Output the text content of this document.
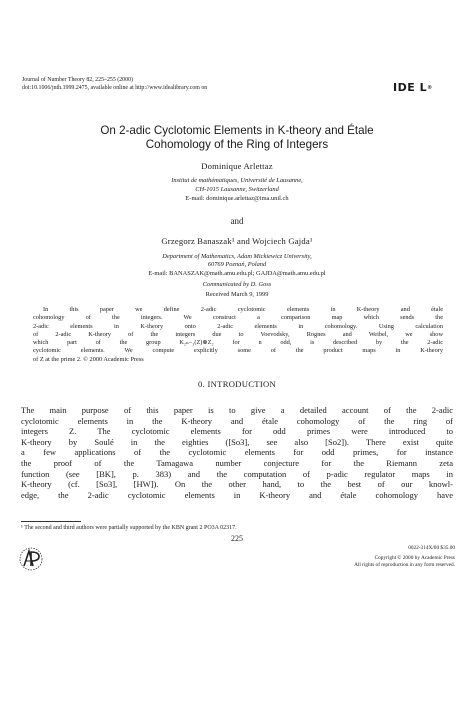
Journal of Number Theory 82, 225–255 (2000)
doi:10.1006/jnth.1999.2475, available online at http://www.idealibrary.com on	IDE L®
On 2-adic Cyclotomic Elements in K-theory and Étale
Cohomology of the Ring of Integers
Dominique Arlettaz
Institut de mathématiques, Université de Lausanne,
CH-1015 Lausanne, Switzerland
E-mail: dominique.arlettaz@ima.unil.ch
and
Grzegorz Banaszak¹ and Wojciech Gajda¹
Department of Mathematics, Adam Mickiewicz University,
60769 Poznań, Poland
E-mail: BANASZAK@math.amu.edu.pl; GAJDA@math.amu.edu.pl
Communicated by D. Goss
Received March 9, 1999
In this paper we define 2-adic cyclotomic elements in K-theory and étale
cohomology of the integers. We construct a comparison map which sends the
2-adic elements in K-theory onto 2-adic elements in cohomology. Using calculation
of 2-adic K-theory of the integers due to Voevodsky, Rognes and Weibel, we show
which part of the group K₂ₙ₋₁(Z)⊗Z₂ for n odd, is described by the 2-adic
cyclotomic elements. We compute explicitly some of the product maps in K-theory
of Z at the prime 2. © 2000 Academic Press
0. INTRODUCTION
The main purpose of this paper is to give a detailed account of the 2-adic
cyclotomic elements in the K-theory and étale cohomology of the ring of
integers Z. The cyclotomic elements for odd primes were introduced to
K-theory by Soulé in the eighties ([So3], see also [So2]). There exist quite
a few applications of the cyclotomic elements for odd primes, for instance
the proof of the Tamagawa number conjecture for the Riemann zeta
function (see [BK], p. 383) and the computation of p-adic regulator maps in
K-theory (cf. [So3], [HW]). On the other hand, to the best of our knowl-
edge, the 2-adic cyclotomic elements in K-theory and étale cohomology have
¹ The second and third authors were partially supported by the KBN grant 2 PO3A 02317.
225
0022-314X/00 $35.00
Copyright © 2000 by Academic Press
All rights of reproduction in any form reserved.
